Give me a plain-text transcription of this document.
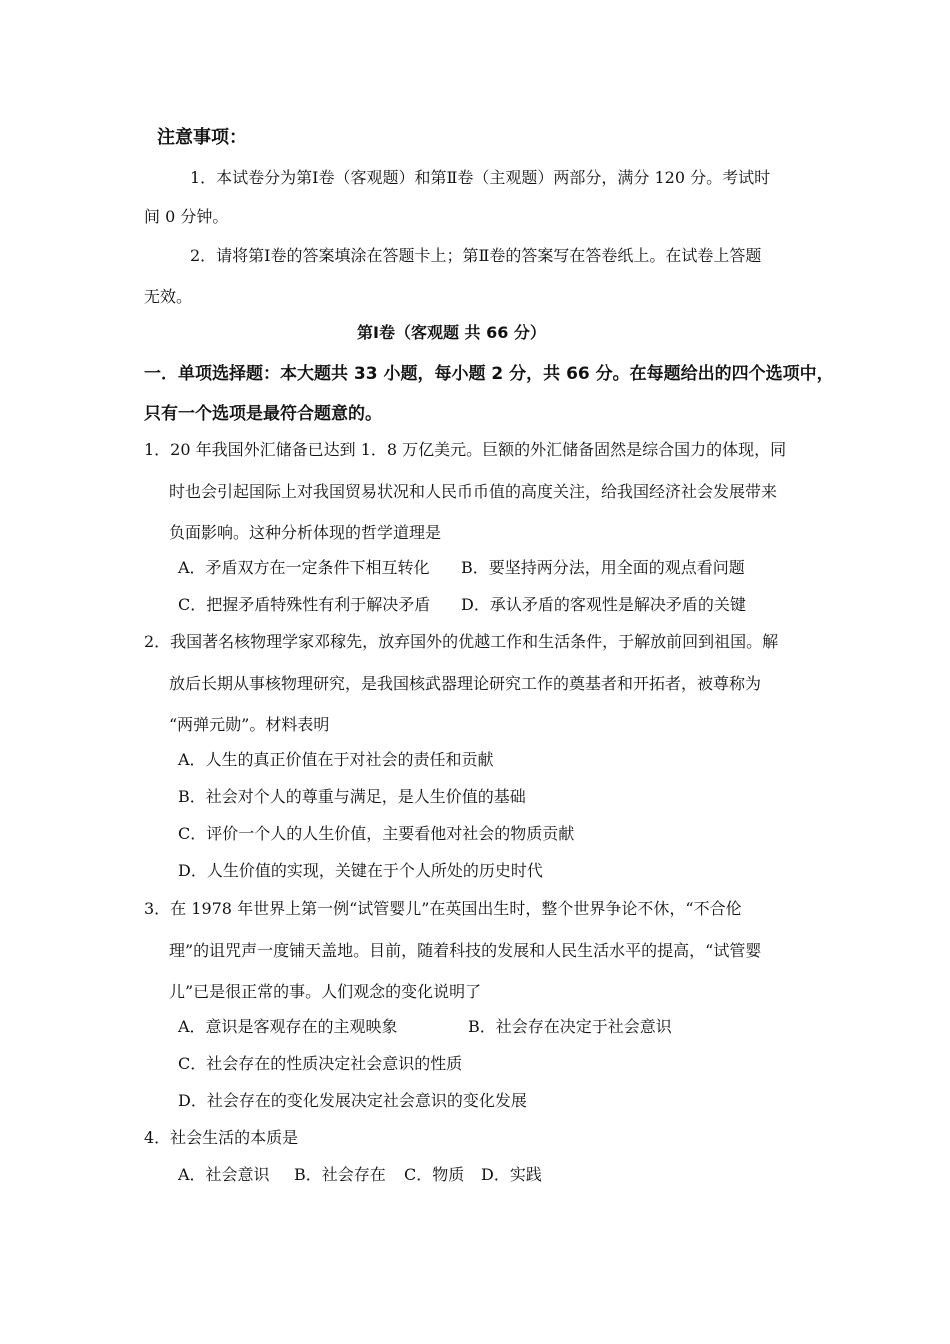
注意事项：
1．本试卷分为第Ⅰ卷（客观题）和第Ⅱ卷（主观题）两部分，满分 120 分。考试时
间 0 分钟。
2．请将第Ⅰ卷的答案填涂在答题卡上；第Ⅱ卷的答案写在答卷纸上。在试卷上答题
无效。
第Ⅰ卷（客观题 共 66 分）
一．单项选择题：本大题共 33 小题，每小题 2 分，共 66 分。在每题给出的四个选项中，
只有一个选项是最符合题意的。
1．20 年我国外汇储备已达到 1．8 万亿美元。巨额的外汇储备固然是综合国力的体现，同
时也会引起国际上对我国贸易状况和人民币币值的高度关注，给我国经济社会发展带来
负面影响。这种分析体现的哲学道理是
A．矛盾双方在一定条件下相互转化 B．要坚持两分法，用全面的观点看问题
C．把握矛盾特殊性有利于解决矛盾 D．承认矛盾的客观性是解决矛盾的关键
2．我国著名核物理学家邓稼先，放弃国外的优越工作和生活条件，于解放前回到祖国。解
放后长期从事核物理研究，是我国核武器理论研究工作的奠基者和开拓者，被尊称为
“两弹元勋”。材料表明
A．人生的真正价值在于对社会的责任和贡献
B．社会对个人的尊重与满足，是人生价值的基础
C．评价一个人的人生价值，主要看他对社会的物质贡献
D．人生价值的实现，关键在于个人所处的历史时代
3．在 1978 年世界上第一例“试管婴儿”在英国出生时，整个世界争论不休，“不合伦
理”的诅咒声一度铺天盖地。目前，随着科技的发展和人民生活水平的提高，“试管婴
儿”已是很正常的事。人们观念的变化说明了
A．意识是客观存在的主观映象	B．社会存在决定于社会意识
C．社会存在的性质决定社会意识的性质
D．社会存在的变化发展决定社会意识的变化发展
4．社会生活的本质是
A．社会意识 B．社会存在 C．物质 D．实践
